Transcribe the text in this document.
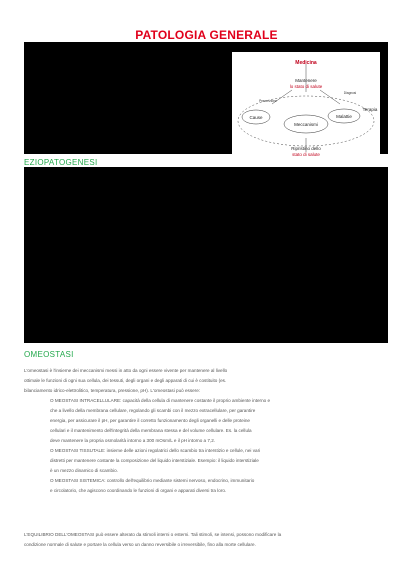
PATOLOGIA GENERALE
Medicina
Mantenere
lo stato di salute
Prevenzione
Diagnosi
Cause
Meccanismi
Malattie
Terapia
Ripristino dello
stato di salute
EZIOPATOGENESI
OMEOSTASI

L'omeostasi è l'insieme dei meccanismi messi in atto da ogni essere vivente per mantenere al livello

ottimale le funzioni di ogni sua cellula, dei tessuti, degli organi e degli apparati di cui è costituito (es.

bilanciamento idrico-elettrolitico, temperatura, pressione, pH). L'omeostasi può essere:

O MEOSTASI INTRACELLULARE: capacità della cellula di mantenere costante il proprio ambiente interno e

che a livello della membrana cellulare, regolando gli scambi con il mezzo extracellulare, per garantire

energia, per assicurare il pH, per garantire il corretto funzionamento degli organelli e delle proteine

cellulari e il mantenimento dell'integrità della membrana stessa e del volume cellulare. Es. la cellula

deve mantenere la propria osmolarità intorno a 300 mOsm/L e il pH intorno a 7,2.

O MEOSTASI TISSUTALE: insieme delle azioni regolatrici dello scambio tra interstizio e cellule, nei vari

distretti per mantenere costante la composizione del liquido interstiziale. Esempio: il liquido interstiziale

è un mezzo dinamico di scambio.

O MEOSTASI SISTEMICA: controllo dell'equilibrio mediante sistemi nervoso, endocrino, immunitario

e circolatorio, che agiscono coordinando le funzioni di organi e apparati diversi tra loro.

L'EQUILIBRIO DELL'OMEOSTASI può essere alterato da stimoli interni o esterni. Tali stimoli, se intensi, possono modificare la

condizione normale di salute e portare la cellula verso un danno reversibile o irreversibile, fino alla morte cellulare.
